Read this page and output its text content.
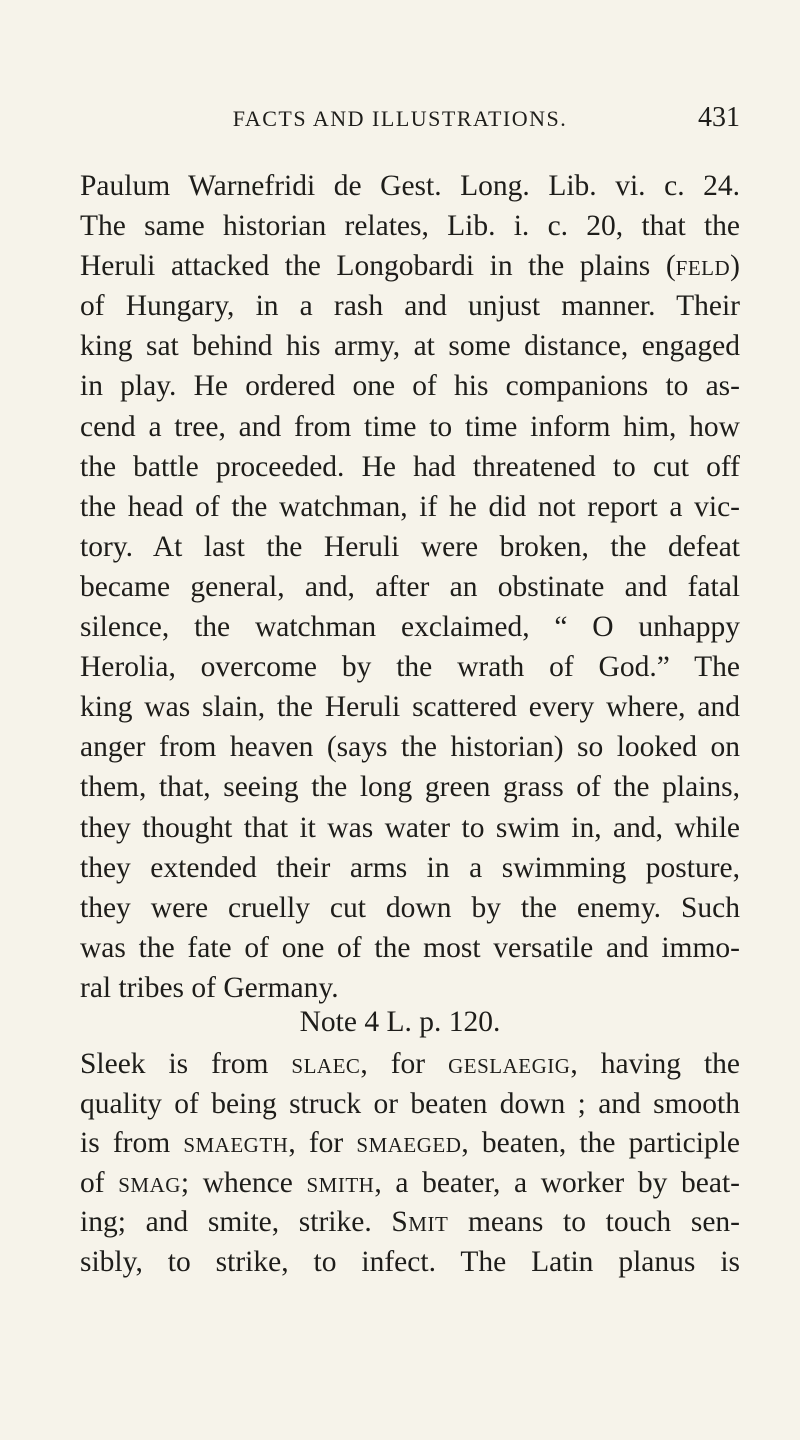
FACTS AND ILLUSTRATIONS.	431

Paulum Warnefridi de Gest. Long. Lib. vi. c. 24.
The same historian relates, Lib. i. c. 20, that the
Heruli attacked the Longobardi in the plains (feld)
of Hungary, in a rash and unjust manner. Their
king sat behind his army, at some distance, engaged
in play. He ordered one of his companions to as-
cend a tree, and from time to time inform him, how
the battle proceeded. He had threatened to cut off
the head of the watchman, if he did not report a vic-
tory. At last the Heruli were broken, the defeat
became general, and, after an obstinate and fatal
silence, the watchman exclaimed, “ O unhappy
Herolia, overcome by the wrath of God.” The
king was slain, the Heruli scattered every where, and
anger from heaven (says the historian) so looked on
them, that, seeing the long green grass of the plains,
they thought that it was water to swim in, and, while
they extended their arms in a swimming posture,
they were cruelly cut down by the enemy. Such
was the fate of one of the most versatile and immo-
ral tribes of Germany.

Note 4 L. p. 120.

Sleek is from slaec, for geslaegig, having the
quality of being struck or beaten down ; and smooth
is from smaegth, for smaeged, beaten, the participle
of smag; whence smith, a beater, a worker by beat-
ing; and smite, strike. Smit means to touch sen-
sibly, to strike, to infect. The Latin planus is
